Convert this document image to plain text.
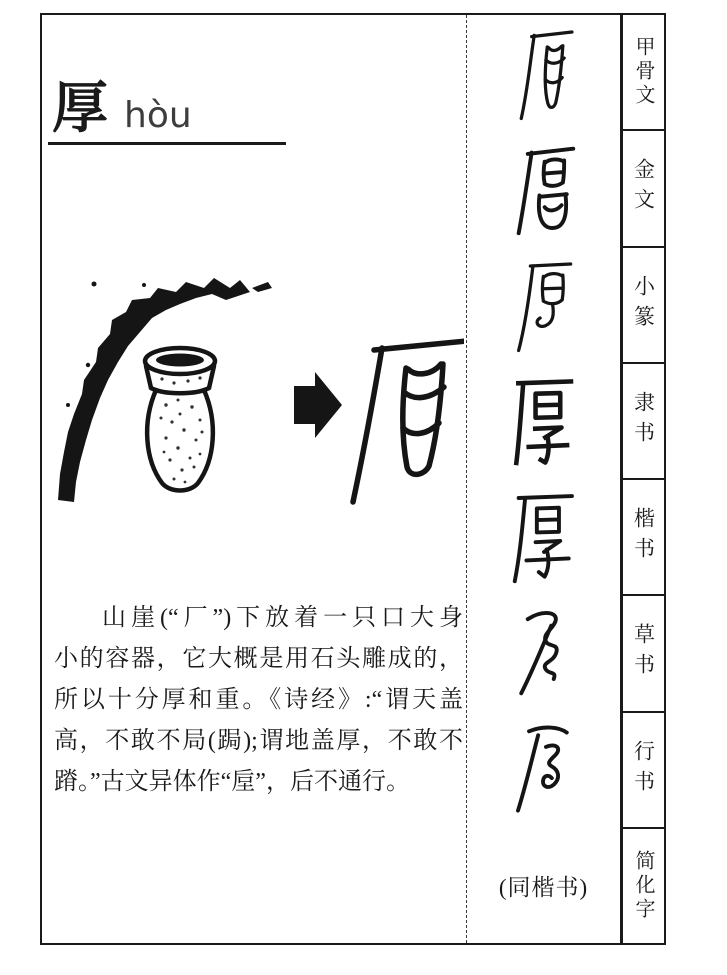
厚 hòu
山崖(“厂”)下放着一只口大身
小的容器，它大概是用石头雕成的，
所以十分厚和重。《诗经》:“谓天盖
高，不敢不局(跼);谓地盖厚，不敢不
蹐。”古文异体作“垕”，后不通行。
(同楷书)
甲骨文
金文
小篆
隶书
楷书
草书
行书
简化字
